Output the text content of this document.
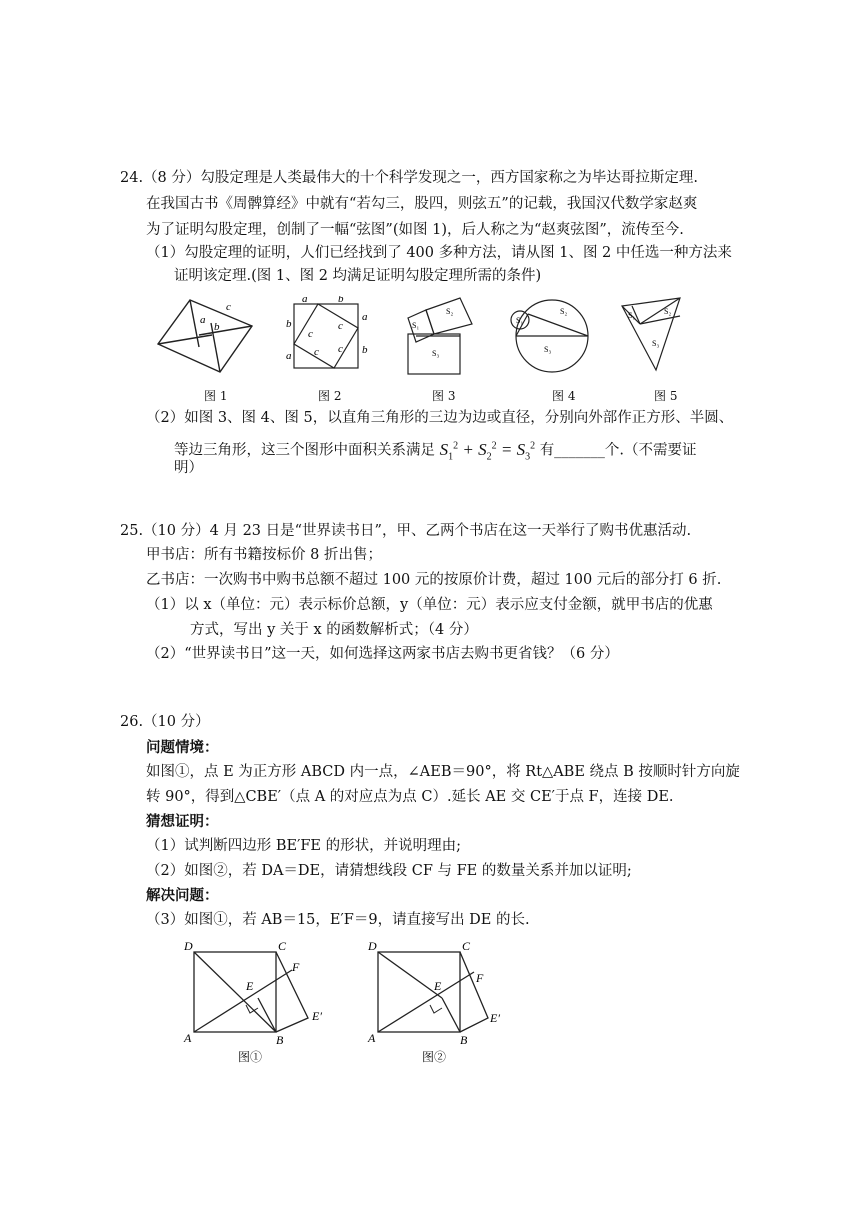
24.（8 分）勾股定理是人类最伟大的十个科学发现之一，西方国家称之为毕达哥拉斯定理.
在我国古书《周髀算经》中就有“若勾三，股四，则弦五”的记载，我国汉代数学家赵爽
为了证明勾股定理，创制了一幅“弦图”(如图 1)，后人称之为“赵爽弦图”，流传至今.
（1）勾股定理的证明，人们已经找到了 400 多种方法，请从图 1、图 2 中任选一种方法来
证明该定理.(图 1、图 2 均满足证明勾股定理所需的条件)
c
a
b
图 1
a	b
b
a
a
b
c
c
c
c
图 2
S₁
S₂
S₃
图 3
S₁
S₂
S₃
图 4
S₁	S₂
S₃
图 5
（2）如图 3、图 4、图 5，以直角三角形的三边为边或直径，分别向外部作正方形、半圆、
等边三角形，这三个图形中面积关系满足 $S_1^2 + S_2^2 = S_3^2$ 有_______个.（不需要证
明）
25.（10 分）4 月 23 日是“世界读书日”，甲、乙两个书店在这一天举行了购书优惠活动.
甲书店：所有书籍按标价 8 折出售；
乙书店：一次购书中购书总额不超过 100 元的按原价计费，超过 100 元后的部分打 6 折.
（1）以 x（单位：元）表示标价总额，y（单位：元）表示应支付金额，就甲书店的优惠
方式，写出 y 关于 x 的函数解析式；（4 分）
（2）“世界读书日”这一天，如何选择这两家书店去购书更省钱？（6 分）
26.（10 分）
问题情境：
如图①，点 E 为正方形 ABCD 内一点，∠AEB＝90°，将 Rt△ABE 绕点 B 按顺时针方向旋
转 90°，得到△CBE′（点 A 的对应点为点 C）.延长 AE 交 CE′于点 F，连接 DE.
猜想证明：
（1）试判断四边形 BE′FE 的形状，并说明理由;
（2）如图②，若 DA＝DE，请猜想线段 CF 与 FE 的数量关系并加以证明;
解决问题：
（3）如图①，若 AB＝15，E′F＝9，请直接写出 DE 的长.
D	C
E
F
E′
A	B
图①
D	C
E
F
E′
A	B
图②
